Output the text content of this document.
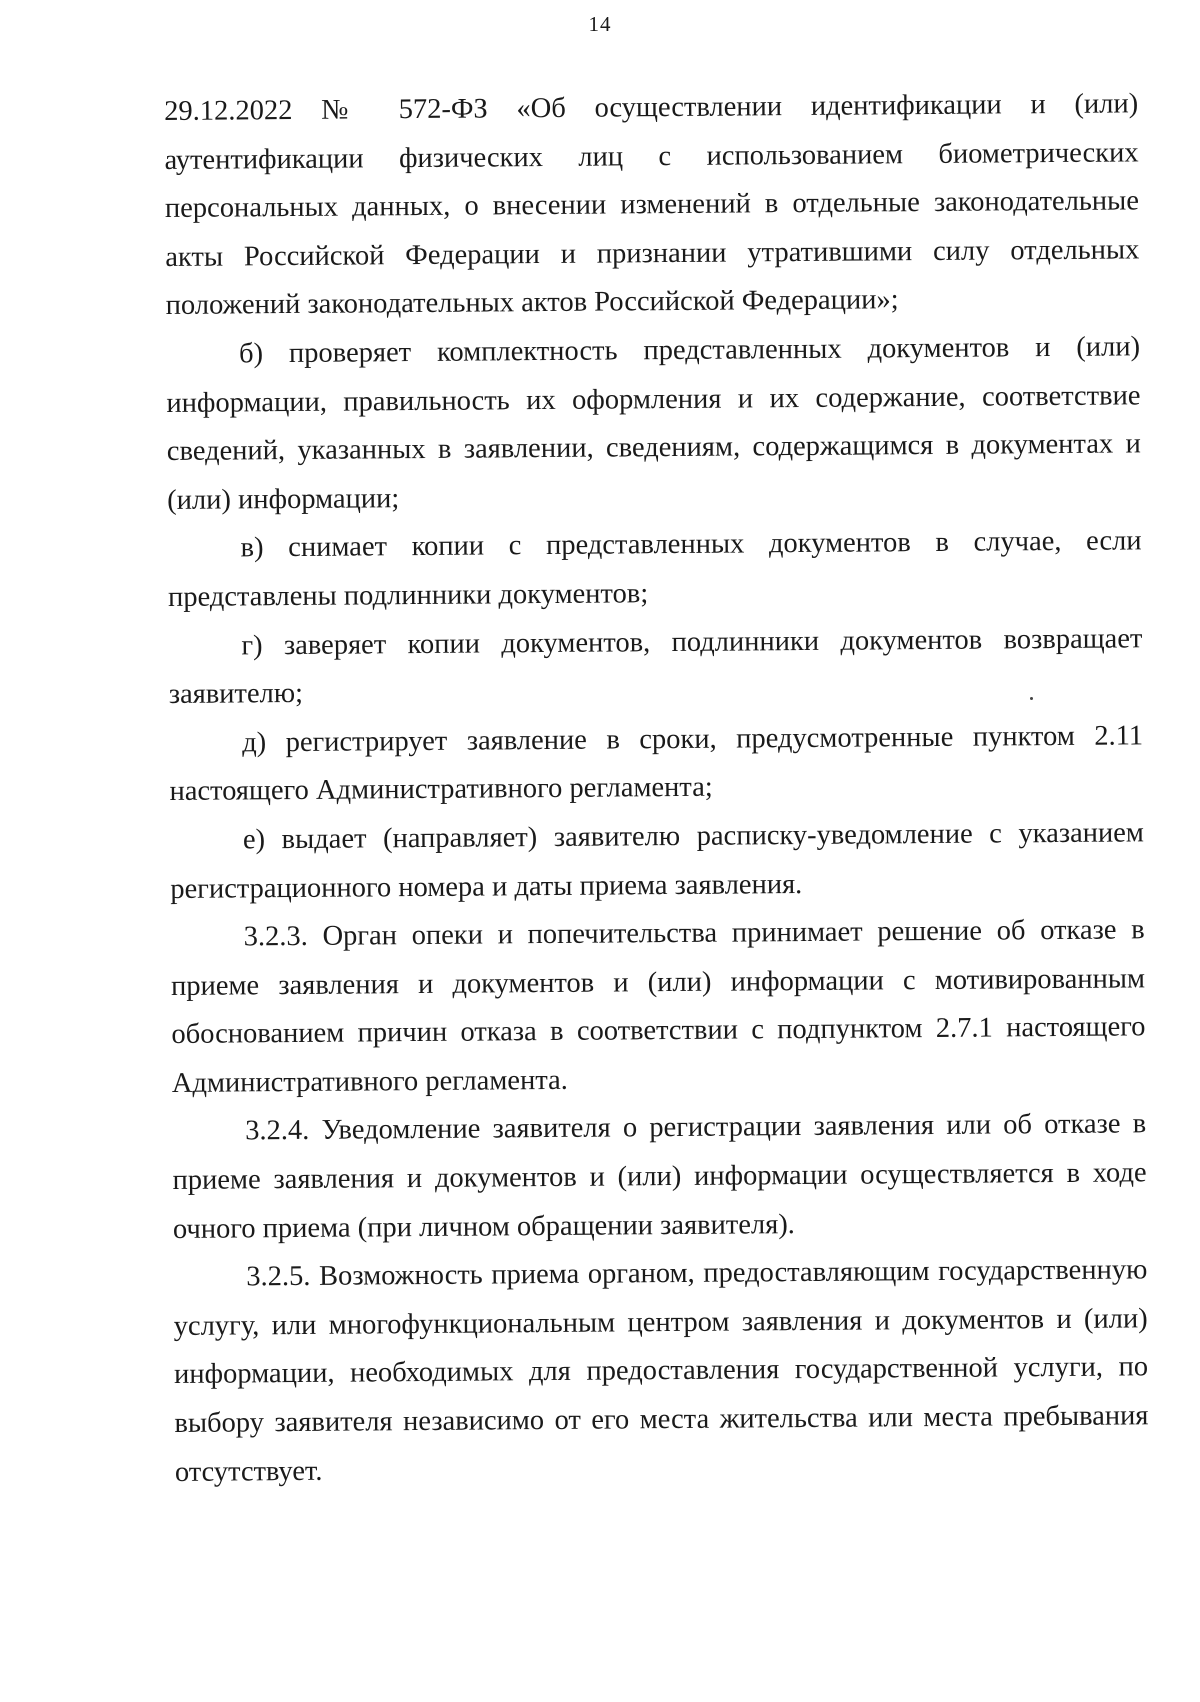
14

29.12.2022 № 572-ФЗ «Об осуществлении идентификации и (или) аутентификации физических лиц с использованием биометрических персональных данных, о внесении изменений в отдельные законодательные акты Российской Федерации и признании утратившими силу отдельных положений законодательных актов Российской Федерации»;

б) проверяет комплектность представленных документов и (или) информации, правильность их оформления и их содержание, соответствие сведений, указанных в заявлении, сведениям, содержащимся в документах и (или) информации;

в) снимает копии с представленных документов в случае, если представлены подлинники документов;

г) заверяет копии документов, подлинники документов возвращает заявителю;

д) регистрирует заявление в сроки, предусмотренные пунктом 2.11 настоящего Административного регламента;

е) выдает (направляет) заявителю расписку-уведомление с указанием регистрационного номера и даты приема заявления.

3.2.3. Орган опеки и попечительства принимает решение об отказе в приеме заявления и документов и (или) информации с мотивированным обоснованием причин отказа в соответствии с подпунктом 2.7.1 настоящего Административного регламента.

3.2.4. Уведомление заявителя о регистрации заявления или об отказе в приеме заявления и документов и (или) информации осуществляется в ходе очного приема (при личном обращении заявителя).

3.2.5. Возможность приема органом, предоставляющим государственную услугу, или многофункциональным центром заявления и документов и (или) информации, необходимых для предоставления государственной услуги, по выбору заявителя независимо от его места жительства или места пребывания отсутствует.
